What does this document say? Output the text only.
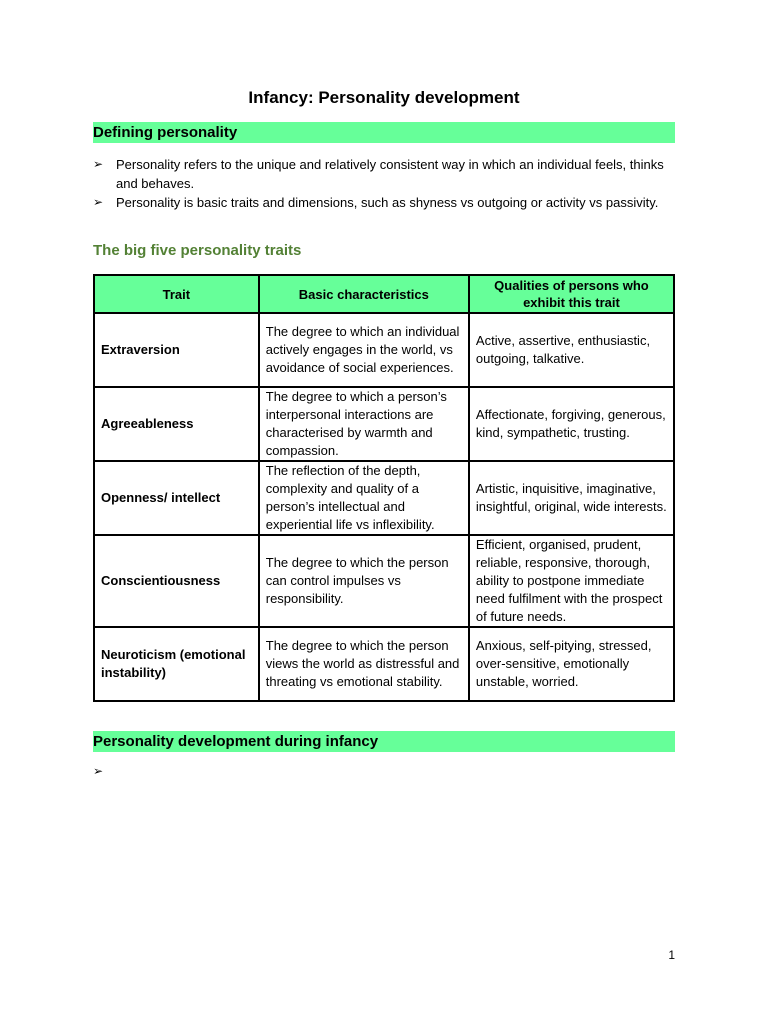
Infancy: Personality development
Defining personality
➢ Personality refers to the unique and relatively consistent way in which an individual feels, thinks and behaves.
➢ Personality is basic traits and dimensions, such as shyness vs outgoing or activity vs passivity.
The big five personality traits
Trait	Basic characteristics	Qualities of persons who exhibit this trait
Extraversion	The degree to which an individual actively engages in the world, vs avoidance of social experiences.	Active, assertive, enthusiastic, outgoing, talkative.
Agreeableness	The degree to which a person’s interpersonal interactions are characterised by warmth and compassion.	Affectionate, forgiving, generous, kind, sympathetic, trusting.
Openness/ intellect	The reflection of the depth, complexity and quality of a person’s intellectual and experiential life vs inflexibility.	Artistic, inquisitive, imaginative, insightful, original, wide interests.
Conscientiousness	The degree to which the person can control impulses vs responsibility.	Efficient, organised, prudent, reliable, responsive, thorough, ability to postpone immediate need fulfilment with the prospect of future needs.
Neuroticism (emotional instability)	The degree to which the person views the world as distressful and threating vs emotional stability.	Anxious, self-pitying, stressed, over-sensitive, emotionally unstable, worried.
Personality development during infancy
➢
1
